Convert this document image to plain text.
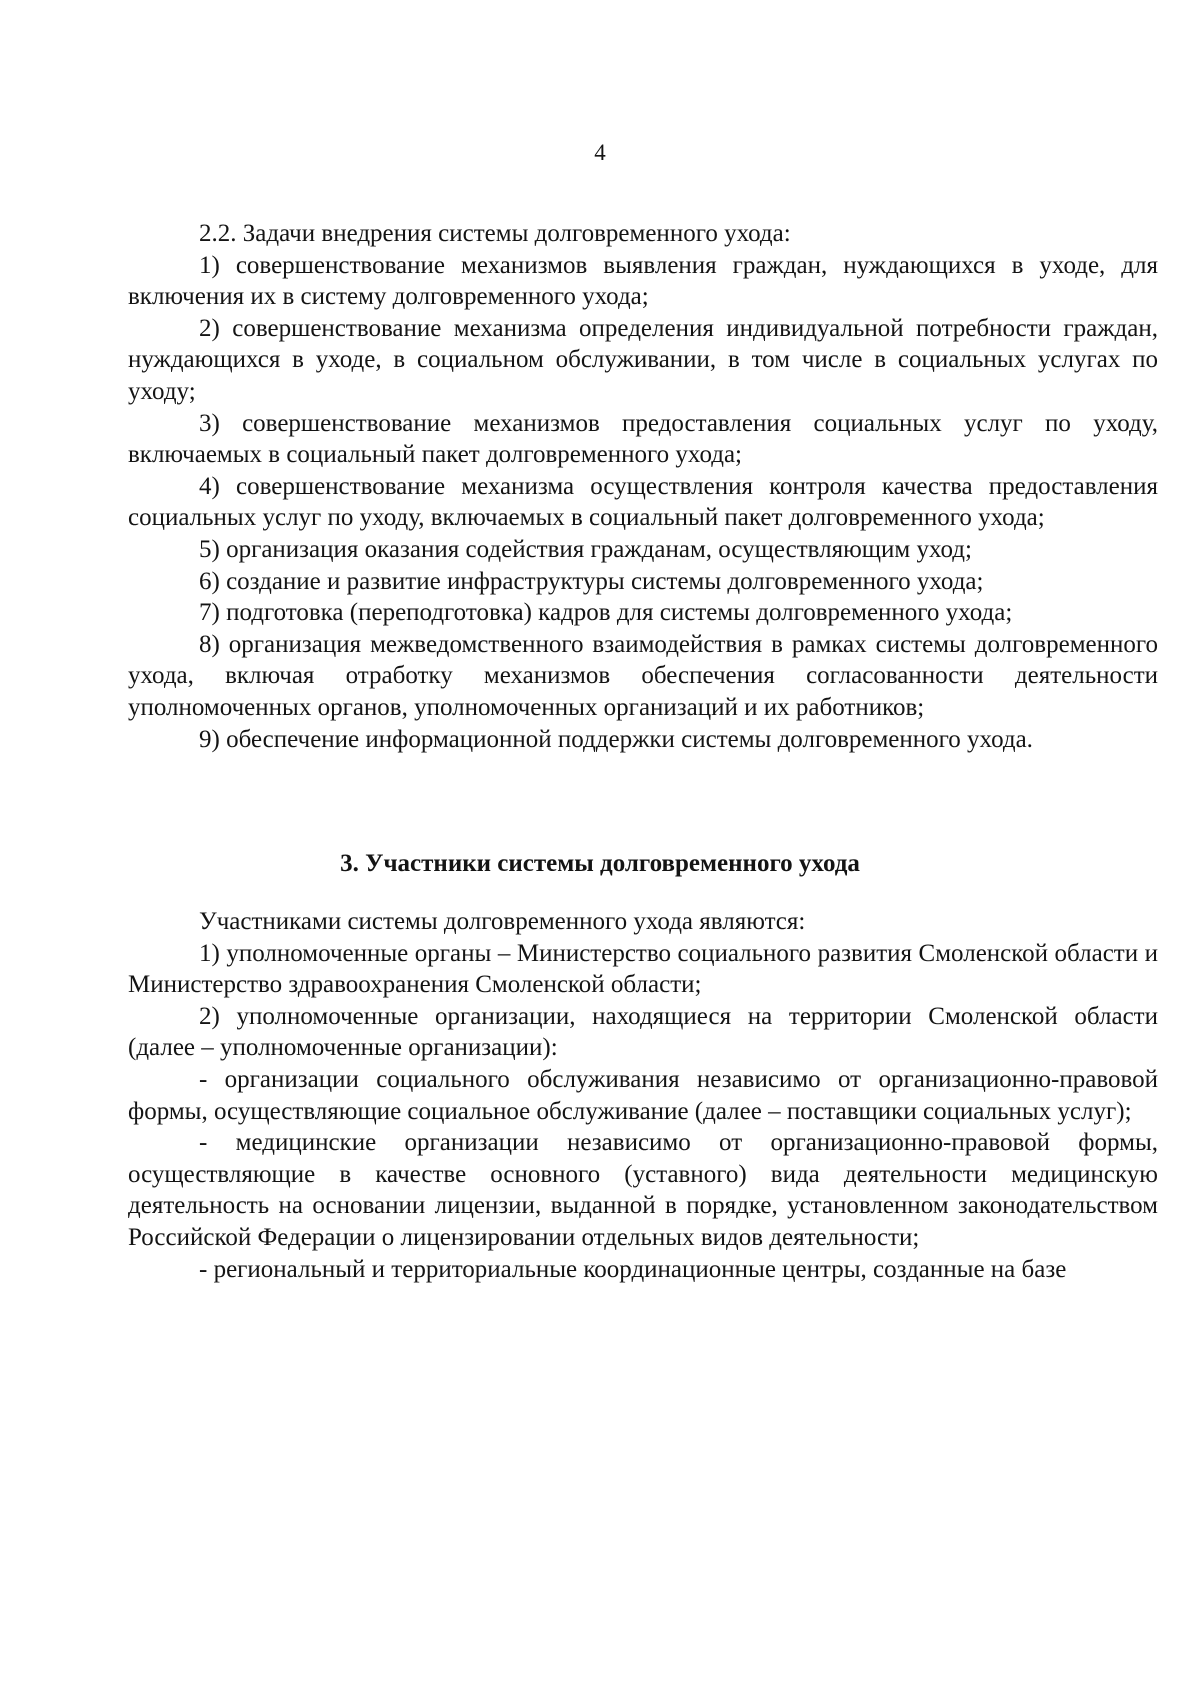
4

2.2. Задачи внедрения системы долговременного ухода:

1) совершенствование механизмов выявления граждан, нуждающихся в уходе, для включения их в систему долговременного ухода;

2) совершенствование механизма определения индивидуальной потребности граждан, нуждающихся в уходе, в социальном обслуживании, в том числе в социальных услугах по уходу;

3) совершенствование механизмов предоставления социальных услуг по уходу, включаемых в социальный пакет долговременного ухода;

4) совершенствование механизма осуществления контроля качества предоставления социальных услуг по уходу, включаемых в социальный пакет долговременного ухода;

5) организация оказания содействия гражданам, осуществляющим уход;

6) создание и развитие инфраструктуры системы долговременного ухода;

7) подготовка (переподготовка) кадров для системы долговременного ухода;

8) организация межведомственного взаимодействия в рамках системы долговременного ухода, включая отработку механизмов обеспечения согласованности деятельности уполномоченных органов, уполномоченных организаций и их работников;

9) обеспечение информационной поддержки системы долговременного ухода.

3. Участники системы долговременного ухода

Участниками системы долговременного ухода являются:

1) уполномоченные органы – Министерство социального развития Смоленской области и Министерство здравоохранения Смоленской области;

2) уполномоченные организации, находящиеся на территории Смоленской области (далее – уполномоченные организации):

- организации социального обслуживания независимо от организационно-правовой формы, осуществляющие социальное обслуживание (далее – поставщики социальных услуг);

- медицинские организации независимо от организационно-правовой формы, осуществляющие в качестве основного (уставного) вида деятельности медицинскую деятельность на основании лицензии, выданной в порядке, установленном законодательством Российской Федерации о лицензировании отдельных видов деятельности;

- региональный и территориальные координационные центры, созданные на базе
